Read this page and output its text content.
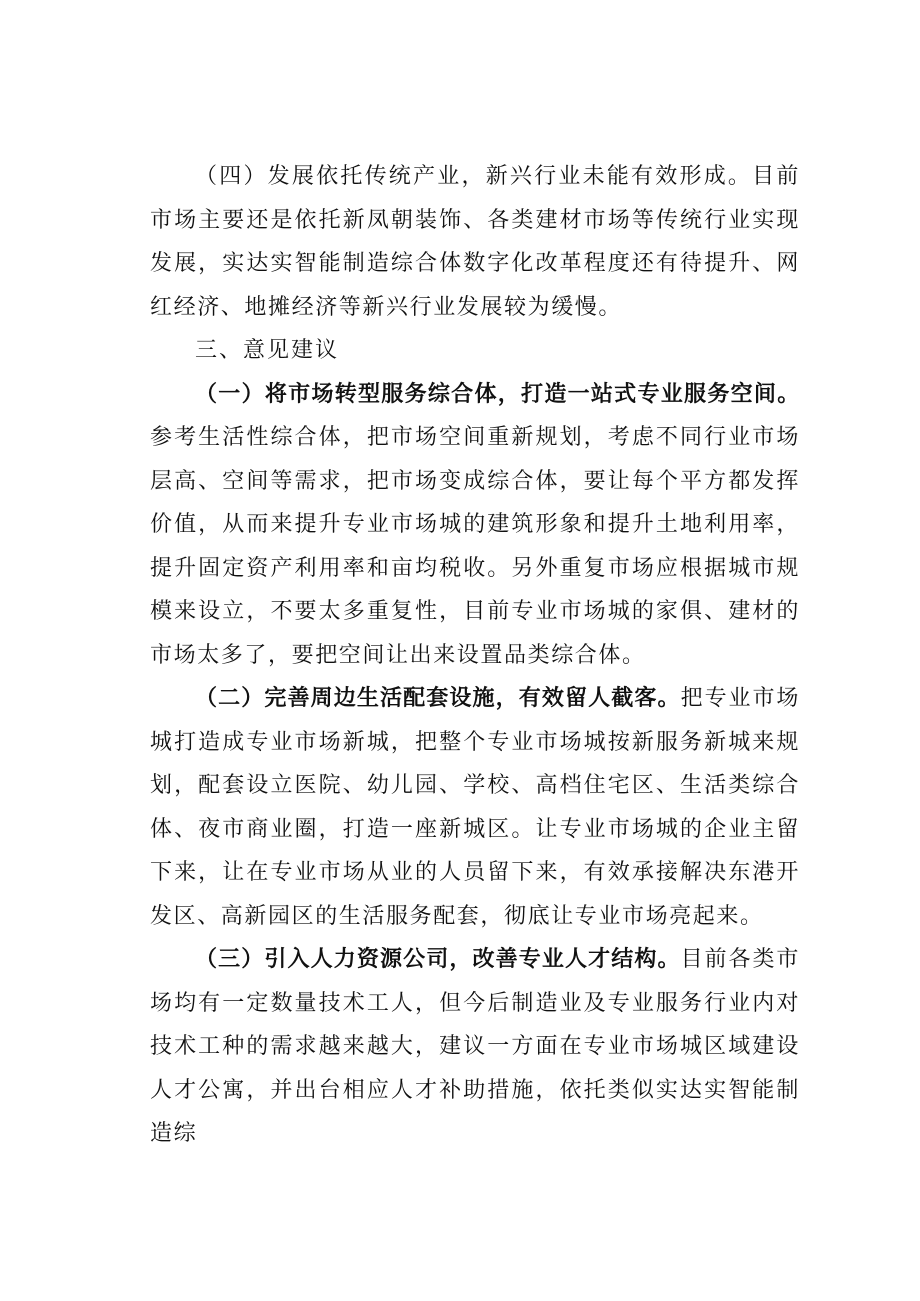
（四）发展依托传统产业，新兴行业未能有效形成。目前市场主要还是依托新凤朝装饰、各类建材市场等传统行业实现发展，实达实智能制造综合体数字化改革程度还有待提升、网红经济、地摊经济等新兴行业发展较为缓慢。

三、意见建议

（一）将市场转型服务综合体，打造一站式专业服务空间。参考生活性综合体，把市场空间重新规划，考虑不同行业市场层高、空间等需求，把市场变成综合体，要让每个平方都发挥价值，从而来提升专业市场城的建筑形象和提升土地利用率，提升固定资产利用率和亩均税收。另外重复市场应根据城市规模来设立，不要太多重复性，目前专业市场城的家俱、建材的市场太多了，要把空间让出来设置品类综合体。

（二）完善周边生活配套设施，有效留人截客。把专业市场城打造成专业市场新城，把整个专业市场城按新服务新城来规划，配套设立医院、幼儿园、学校、高档住宅区、生活类综合体、夜市商业圈，打造一座新城区。让专业市场城的企业主留下来，让在专业市场从业的人员留下来，有效承接解决东港开发区、高新园区的生活服务配套，彻底让专业市场亮起来。

（三）引入人力资源公司，改善专业人才结构。目前各类市场均有一定数量技术工人，但今后制造业及专业服务行业内对技术工种的需求越来越大，建议一方面在专业市场城区域建设人才公寓，并出台相应人才补助措施，依托类似实达实智能制造综
